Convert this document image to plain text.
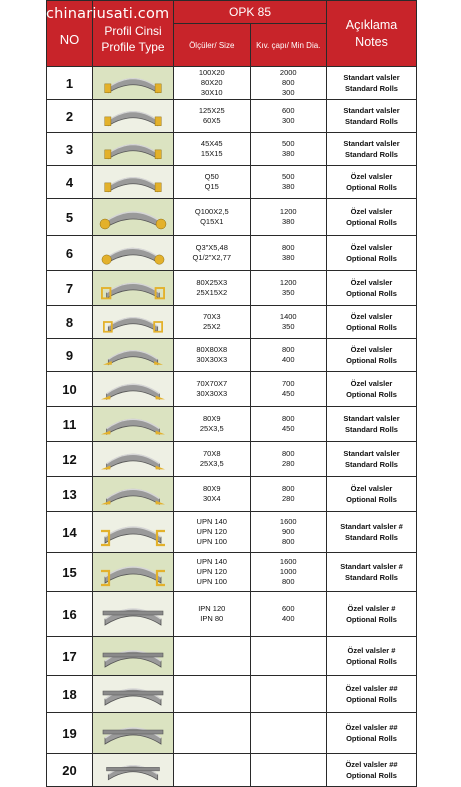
cimacchinariusati.com
NO	Profil Cinsi
Profile Type	OPK 85		Açıklama
Notes

		Ölçüler/ Size	Kıv. çapı/ Min Dia.	
1		100X20
80X20
30X10	2000
800
300	Standart valsler
Standard Rolls

2		125X25
60X5	600
300	Standart valsler
Standard Rolls

3		45X45
15X15	500
380	Standart valsler
Standard Rolls

4		Q50
Q15	500
380	Özel valsler
Optional Rolls

5		Q100X2,5
Q15X1	1200
380	Özel valsler
Optional Rolls

6		Q3"X5,48
Q1/2"X2,77	800
380	Özel valsler
Optional Rolls

7		80X25X3
25X15X2	1200
350	Özel valsler
Optional Rolls

8		70X3
25X2	1400
350	Özel valsler
Optional Rolls

9		80X80X8
30X30X3	800
400	Özel valsler
Optional Rolls

10		70X70X7
30X30X3	700
450	Özel valsler
Optional Rolls

11		80X9
25X3,5	800
450	Standart valsler
Standard Rolls

12		70X8
25X3,5	800
280	Standart valsler
Standard Rolls

13		80X9
30X4	800
280	Özel valsler
Optional Rolls

14		UPN 140
UPN 120
UPN 100	1600
900
800	Standart valsler #
Standard Rolls

15		UPN 140
UPN 120
UPN 100	1600
1000
800	Standart valsler #
Standard Rolls

16		IPN 120
IPN 80	600
400	Özel valsler #
Optional Rolls

17				Özel valsler #
Optional Rolls

18				Özel valsler ##
Optional Rolls

19				Özel valsler ##
Optional Rolls

20				Özel valsler ##
Optional Rolls
